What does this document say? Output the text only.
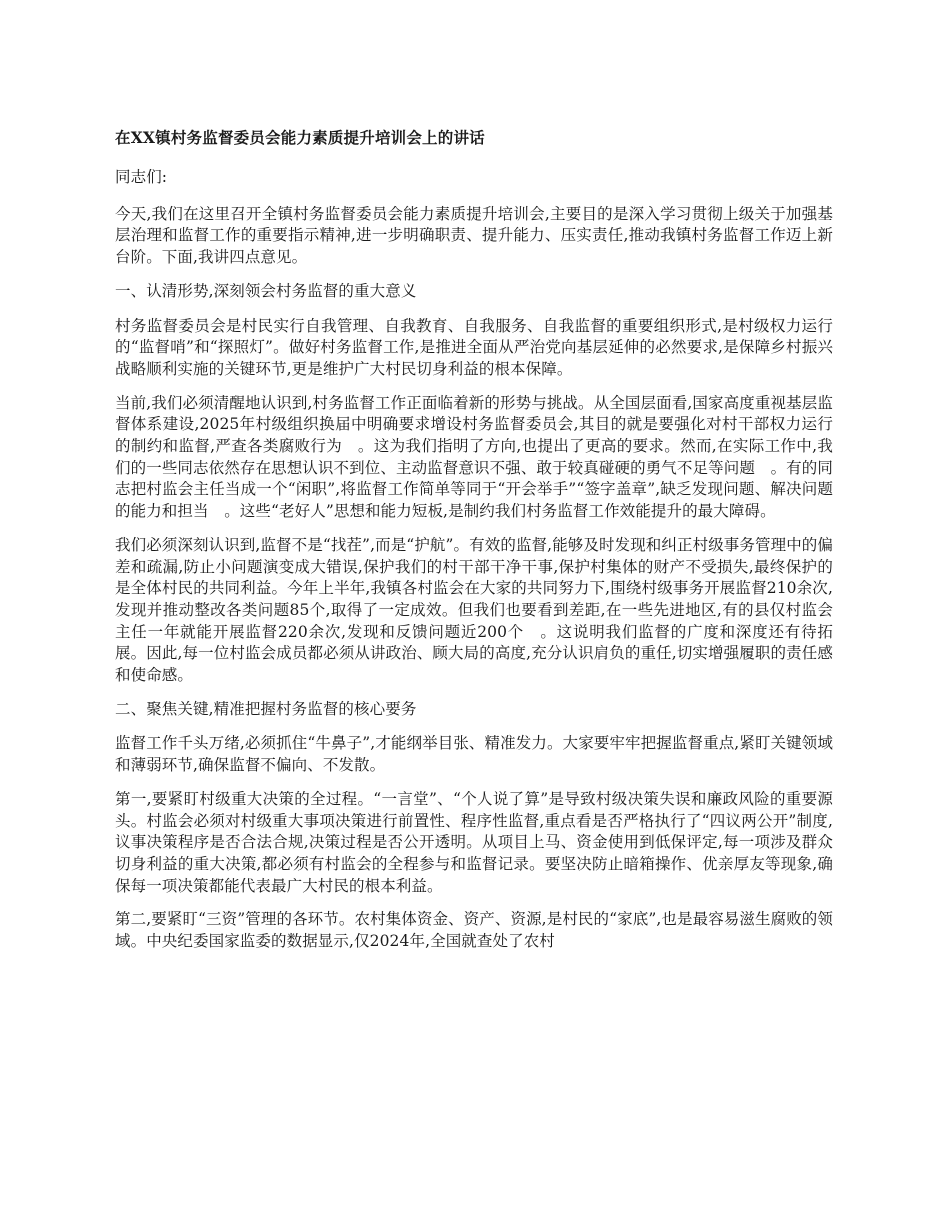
在XX镇村务监督委员会能力素质提升培训会上的讲话

同志们:

今天,我们在这里召开全镇村务监督委员会能力素质提升培训会,主要目的是深入学习贯彻上级关于加强基层治理和监督工作的重要指示精神,进一步明确职责、提升能力、压实责任,推动我镇村务监督工作迈上新台阶。下面,我讲四点意见。

一、认清形势,深刻领会村务监督的重大意义

村务监督委员会是村民实行自我管理、自我教育、自我服务、自我监督的重要组织形式,是村级权力运行的“监督哨”和“探照灯”。做好村务监督工作,是推进全面从严治党向基层延伸的必然要求,是保障乡村振兴战略顺利实施的关键环节,更是维护广大村民切身利益的根本保障。

当前,我们必须清醒地认识到,村务监督工作正面临着新的形势与挑战。从全国层面看,国家高度重视基层监督体系建设,2025年村级组织换届中明确要求增设村务监督委员会,其目的就是要强化对村干部权力运行的制约和监督,严查各类腐败行为　。这为我们指明了方向,也提出了更高的要求。然而,在实际工作中,我们的一些同志依然存在思想认识不到位、主动监督意识不强、敢于较真碰硬的勇气不足等问题　。有的同志把村监会主任当成一个“闲职”,将监督工作简单等同于“开会举手”“签字盖章”,缺乏发现问题、解决问题的能力和担当　。这些“老好人”思想和能力短板,是制约我们村务监督工作效能提升的最大障碍。

我们必须深刻认识到,监督不是“找茬”,而是“护航”。有效的监督,能够及时发现和纠正村级事务管理中的偏差和疏漏,防止小问题演变成大错误,保护我们的村干部干净干事,保护村集体的财产不受损失,最终保护的是全体村民的共同利益。今年上半年,我镇各村监会在大家的共同努力下,围绕村级事务开展监督210余次,发现并推动整改各类问题85个,取得了一定成效。但我们也要看到差距,在一些先进地区,有的县仅村监会主任一年就能开展监督220余次,发现和反馈问题近200个　。这说明我们监督的广度和深度还有待拓展。因此,每一位村监会成员都必须从讲政治、顾大局的高度,充分认识肩负的重任,切实增强履职的责任感和使命感。

二、聚焦关键,精准把握村务监督的核心要务

监督工作千头万绪,必须抓住“牛鼻子”,才能纲举目张、精准发力。大家要牢牢把握监督重点,紧盯关键领域和薄弱环节,确保监督不偏向、不发散。

第一,要紧盯村级重大决策的全过程。“一言堂”、“个人说了算”是导致村级决策失误和廉政风险的重要源头。村监会必须对村级重大事项决策进行前置性、程序性监督,重点看是否严格执行了“四议两公开”制度,议事决策程序是否合法合规,决策过程是否公开透明。从项目上马、资金使用到低保评定,每一项涉及群众切身利益的重大决策,都必须有村监会的全程参与和监督记录。要坚决防止暗箱操作、优亲厚友等现象,确保每一项决策都能代表最广大村民的根本利益。

第二,要紧盯“三资”管理的各环节。农村集体资金、资产、资源,是村民的“家底”,也是最容易滋生腐败的领域。中央纪委国家监委的数据显示,仅2024年,全国就查处了农村
